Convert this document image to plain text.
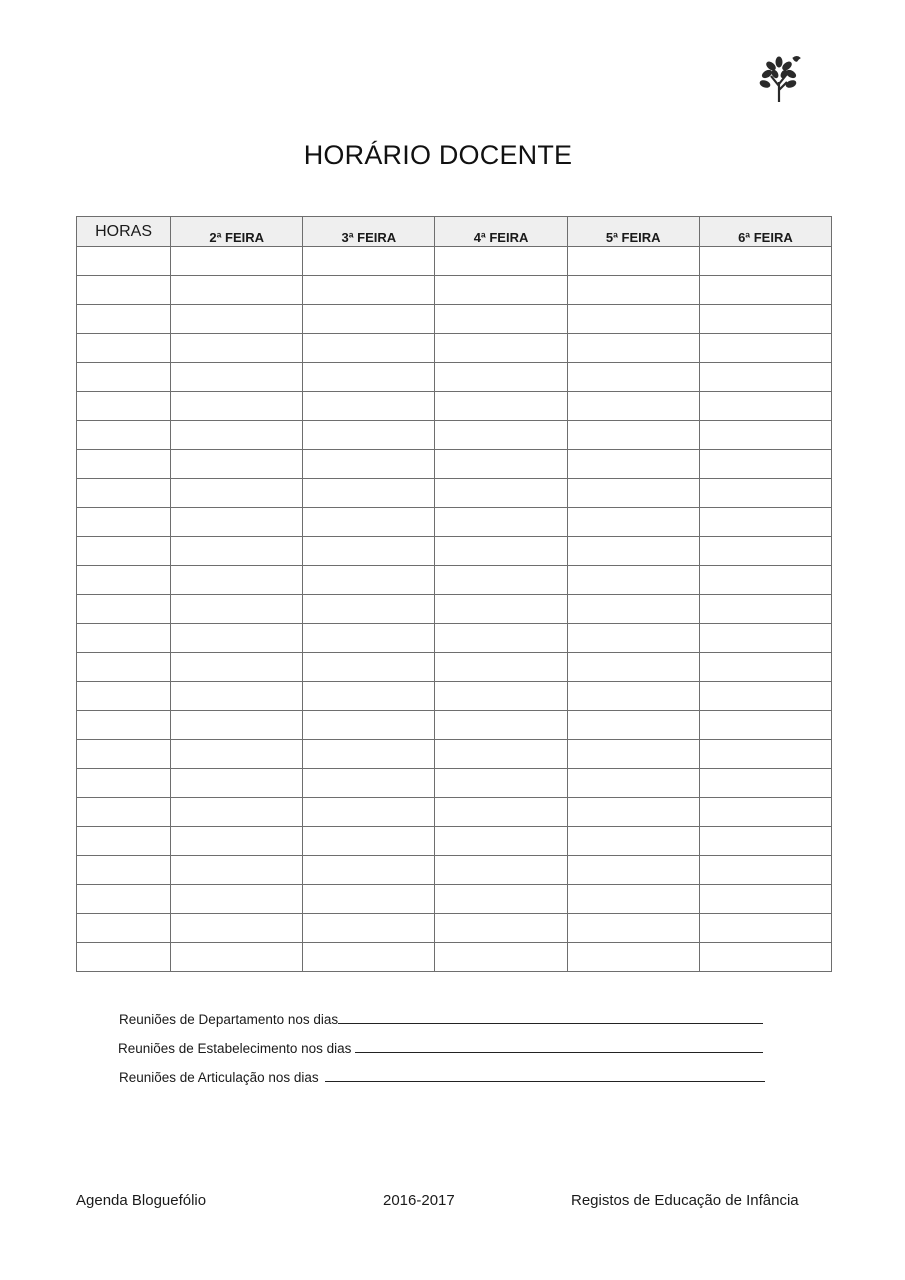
HORÁRIO DOCENTE
HORAS	2ª FEIRA	3ª FEIRA	4ª FEIRA	5ª FEIRA	6ª FEIRA

Reuniões de Departamento nos dias
Reuniões de Estabelecimento nos dias
Reuniões de Articulação nos dias
Agenda Bloguefólio	2016-2017	Registos de Educação de Infância
